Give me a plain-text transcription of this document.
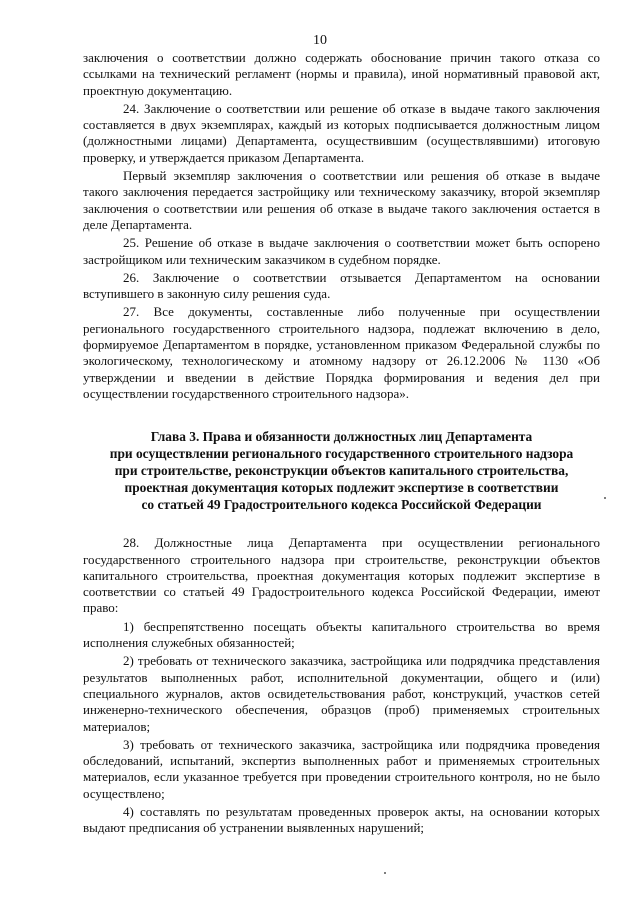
10

заключения о соответствии должно содержать обоснование причин такого отказа со ссылками на технический регламент (нормы и правила), иной нормативный правовой акт, проектную документацию.

24. Заключение о соответствии или решение об отказе в выдаче такого заключения составляется в двух экземплярах, каждый из которых подписывается должностным лицом (должностными лицами) Департамента, осуществившим (осуществлявшими) итоговую проверку, и утверждается приказом Департамента.

Первый экземпляр заключения о соответствии или решения об отказе в выдаче такого заключения передается застройщику или техническому заказчику, второй экземпляр заключения о соответствии или решения об отказе в выдаче такого заключения остается в деле Департамента.

25. Решение об отказе в выдаче заключения о соответствии может быть оспорено застройщиком или техническим заказчиком в судебном порядке.

26. Заключение о соответствии отзывается Департаментом на основании вступившего в законную силу решения суда.

27. Все документы, составленные либо полученные при осуществлении регионального государственного строительного надзора, подлежат включению в дело, формируемое Департаментом в порядке, установленном приказом Федеральной службы по экологическому, технологическому и атомному надзору от 26.12.2006 № 1130 «Об утверждении и введении в действие Порядка формирования и ведения дел при осуществлении государственного строительного надзора».

Глава 3. Права и обязанности должностных лиц Департамента
при осуществлении регионального государственного строительного надзора
при строительстве, реконструкции объектов капитального строительства,
проектная документация которых подлежит экспертизе в соответствии
со статьей 49 Градостроительного кодекса Российской Федерации

28. Должностные лица Департамента при осуществлении регионального государственного строительного надзора при строительстве, реконструкции объектов капитального строительства, проектная документация которых подлежит экспертизе в соответствии со статьей 49 Градостроительного кодекса Российской Федерации, имеют право:

1) беспрепятственно посещать объекты капитального строительства во время исполнения служебных обязанностей;

2) требовать от технического заказчика, застройщика или подрядчика представления результатов выполненных работ, исполнительной документации, общего и (или) специального журналов, актов освидетельствования работ, конструкций, участков сетей инженерно-технического обеспечения, образцов (проб) применяемых строительных материалов;

3) требовать от технического заказчика, застройщика или подрядчика проведения обследований, испытаний, экспертиз выполненных работ и применяемых строительных материалов, если указанное требуется при проведении строительного контроля, но не было осуществлено;

4) составлять по результатам проведенных проверок акты, на основании которых выдают предписания об устранении выявленных нарушений;
